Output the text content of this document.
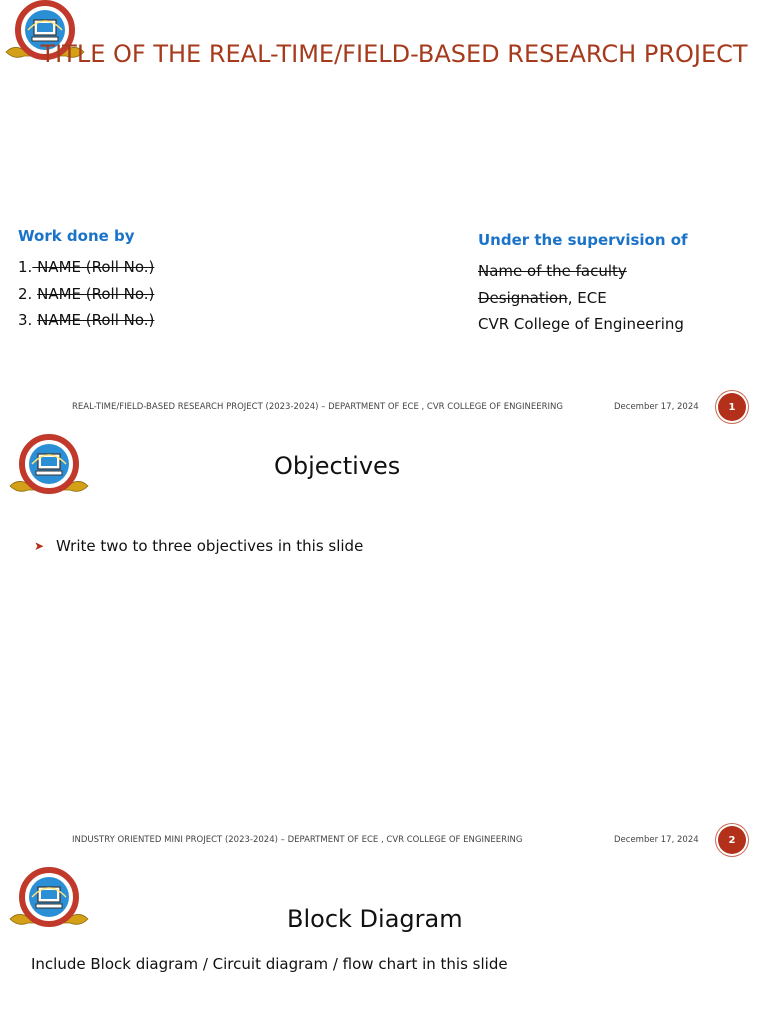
TITLE OF THE REAL-TIME/FIELD-BASED RESEARCH PROJECT
Work done by
1. NAME (Roll No.)
2. NAME (Roll No.)
3. NAME (Roll No.)
Under the supervision of
Name of the faculty
Designation, ECE
CVR College of Engineering
REAL-TIME/FIELD-BASED RESEARCH PROJECT (2023-2024) – DEPARTMENT OF ECE , CVR COLLEGE OF ENGINEERING	December 17, 2024	1
Objectives
➤ Write two to three objectives in this slide
INDUSTRY ORIENTED MINI PROJECT (2023-2024) – DEPARTMENT OF ECE , CVR COLLEGE OF ENGINEERING	December 17, 2024	2
Block Diagram
Include Block diagram / Circuit diagram / flow chart in this slide
